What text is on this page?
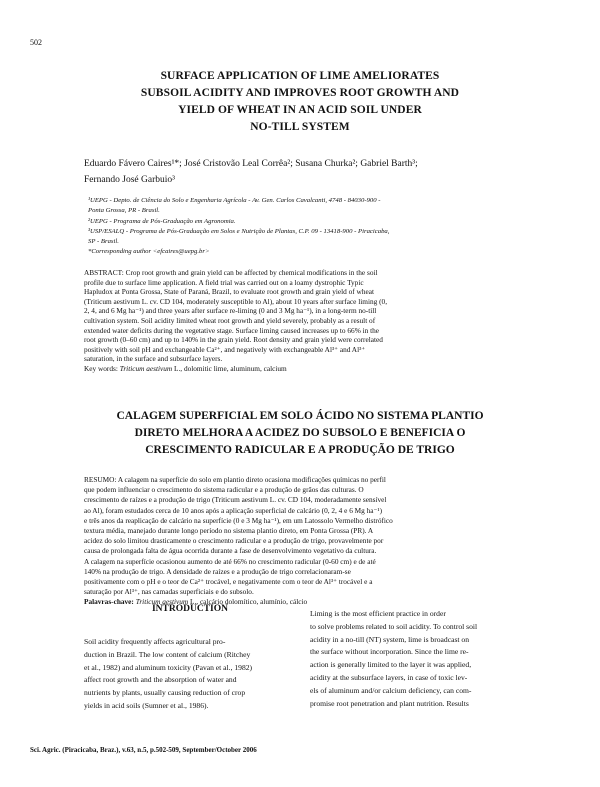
502
SURFACE APPLICATION OF LIME AMELIORATES
SUBSOIL ACIDITY AND IMPROVES ROOT GROWTH AND
YIELD OF WHEAT IN AN ACID SOIL UNDER
NO-TILL SYSTEM
Eduardo Fávero Caires¹*; José Cristovão Leal Corrêa²; Susana Churka²; Gabriel Barth³;
Fernando José Garbuio³
¹UEPG - Depto. de Ciência do Solo e Engenharia Agrícola - Av. Gen. Carlos Cavalcanti, 4748 - 84030-900 -
Ponta Grossa, PR - Brasil.
²UEPG - Programa de Pós-Graduação em Agronomia.
³USP/ESALQ - Programa de Pós-Graduação em Solos e Nutrição de Plantas, C.P. 09 - 13418-900 - Piracicaba,
SP - Brasil.
*Corresponding author <efcaires@uepg.br>
ABSTRACT: Crop root growth and grain yield can be affected by chemical modifications in the soil
profile due to surface lime application. A field trial was carried out on a loamy dystrophic Typic
Hapludox at Ponta Grossa, State of Paraná, Brazil, to evaluate root growth and grain yield of wheat
(Triticum aestivum L. cv. CD 104, moderately susceptible to Al), about 10 years after surface liming (0,
2, 4, and 6 Mg ha⁻¹) and three years after surface re-liming (0 and 3 Mg ha⁻¹), in a long-term no-till
cultivation system. Soil acidity limited wheat root growth and yield severely, probably as a result of
extended water deficits during the vegetative stage. Surface liming caused increases up to 66% in the
root growth (0–60 cm) and up to 140% in the grain yield. Root density and grain yield were correlated
positively with soil pH and exchangeable Ca²⁺, and negatively with exchangeable Al³⁺ and Al³⁺
saturation, in the surface and subsurface layers.
Key words: Triticum aestivum L., dolomitic lime, aluminum, calcium
CALAGEM SUPERFICIAL EM SOLO ÁCIDO NO SISTEMA PLANTIO
DIRETO MELHORA A ACIDEZ DO SUBSOLO E BENEFICIA O
CRESCIMENTO RADICULAR E A PRODUÇÃO DE TRIGO
RESUMO: A calagem na superfície do solo em plantio direto ocasiona modificações químicas no perfil
que podem influenciar o crescimento do sistema radicular e a produção de grãos das culturas. O
crescimento de raízes e a produção de trigo (Triticum aestivum L. cv. CD 104, moderadamente sensível
ao Al), foram estudados cerca de 10 anos após a aplicação superficial de calcário (0, 2, 4 e 6 Mg ha⁻¹)
e três anos da reaplicação de calcário na superfície (0 e 3 Mg ha⁻¹), em um Latossolo Vermelho distrófico
textura média, manejado durante longo período no sistema plantio direto, em Ponta Grossa (PR). A
acidez do solo limitou drasticamente o crescimento radicular e a produção de trigo, provavelmente por
causa de prolongada falta de água ocorrida durante a fase de desenvolvimento vegetativo da cultura.
A calagem na superfície ocasionou aumento de até 66% no crescimento radicular (0-60 cm) e de até
140% na produção de trigo. A densidade de raízes e a produção de trigo correlacionaram-se
positivamente com o pH e o teor de Ca²⁺ trocável, e negativamente com o teor de Al³⁺ trocável e a
saturação por Al³⁺, nas camadas superficiais e do subsolo.
Palavras-chave: Triticum aestivum L., calcário dolomítico, alumínio, cálcio
INTRODUCTION
Soil acidity frequently affects agricultural pro-
duction in Brazil. The low content of calcium (Ritchey
et al., 1982) and aluminum toxicity (Pavan et al., 1982)
affect root growth and the absorption of water and
nutrients by plants, usually causing reduction of crop
yields in acid soils (Sumner et al., 1986).
Liming is the most efficient practice in order
to solve problems related to soil acidity. To control soil
acidity in a no-till (NT) system, lime is broadcast on
the surface without incorporation. Since the lime re-
action is generally limited to the layer it was applied,
acidity at the subsurface layers, in case of toxic lev-
els of aluminum and/or calcium deficiency, can com-
promise root penetration and plant nutrition. Results
Sci. Agric. (Piracicaba, Braz.), v.63, n.5, p.502-509, September/October 2006
